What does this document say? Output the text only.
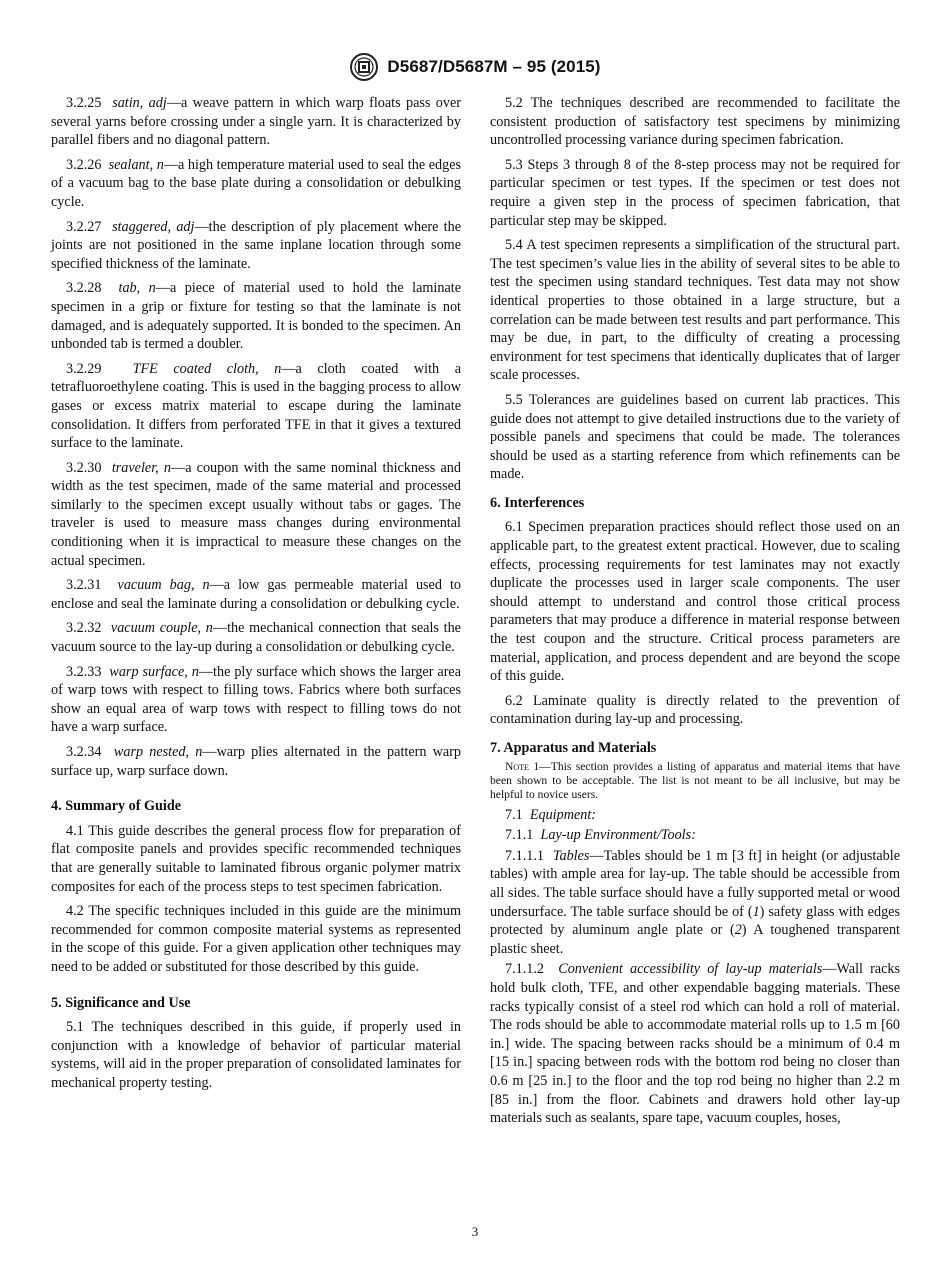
D5687/D5687M – 95 (2015)

3.2.25 satin, adj—a weave pattern in which warp floats pass over several yarns before crossing under a single yarn. It is characterized by parallel fibers and no diagonal pattern.

3.2.26 sealant, n—a high temperature material used to seal the edges of a vacuum bag to the base plate during a consolidation or debulking cycle.

3.2.27 staggered, adj—the description of ply placement where the joints are not positioned in the same inplane location through some specified thickness of the laminate.

3.2.28 tab, n—a piece of material used to hold the laminate specimen in a grip or fixture for testing so that the laminate is not damaged, and is adequately supported. It is bonded to the specimen. An unbonded tab is termed a doubler.

3.2.29 TFE coated cloth, n—a cloth coated with a tetrafluoroethylene coating. This is used in the bagging process to allow gases or excess matrix material to escape during the laminate consolidation. It differs from perforated TFE in that it gives a textured surface to the laminate.

3.2.30 traveler, n—a coupon with the same nominal thickness and width as the test specimen, made of the same material and processed similarly to the specimen except usually without tabs or gages. The traveler is used to measure mass changes during environmental conditioning when it is impractical to measure these changes on the actual specimen.

3.2.31 vacuum bag, n—a low gas permeable material used to enclose and seal the laminate during a consolidation or debulking cycle.

3.2.32 vacuum couple, n—the mechanical connection that seals the vacuum source to the lay-up during a consolidation or debulking cycle.

3.2.33 warp surface, n—the ply surface which shows the larger area of warp tows with respect to filling tows. Fabrics where both surfaces show an equal area of warp tows with respect to filling tows do not have a warp surface.

3.2.34 warp nested, n—warp plies alternated in the pattern warp surface up, warp surface down.

4. Summary of Guide

4.1 This guide describes the general process flow for preparation of flat composite panels and provides specific recommended techniques that are generally suitable to laminated fibrous organic polymer matrix composites for each of the process steps to test specimen fabrication.

4.2 The specific techniques included in this guide are the minimum recommended for common composite material systems as represented in the scope of this guide. For a given application other techniques may need to be added or substituted for those described by this guide.

5. Significance and Use

5.1 The techniques described in this guide, if properly used in conjunction with a knowledge of behavior of particular material systems, will aid in the proper preparation of consolidated laminates for mechanical property testing.

5.2 The techniques described are recommended to facilitate the consistent production of satisfactory test specimens by minimizing uncontrolled processing variance during specimen fabrication.

5.3 Steps 3 through 8 of the 8-step process may not be required for particular specimen or test types. If the specimen or test does not require a given step in the process of specimen fabrication, that particular step may be skipped.

5.4 A test specimen represents a simplification of the structural part. The test specimen’s value lies in the ability of several sites to be able to test the specimen using standard techniques. Test data may not show identical properties to those obtained in a large structure, but a correlation can be made between test results and part performance. This may be due, in part, to the difficulty of creating a processing environment for test specimens that identically duplicates that of larger scale processes.

5.5 Tolerances are guidelines based on current lab practices. This guide does not attempt to give detailed instructions due to the variety of possible panels and specimens that could be made. The tolerances should be used as a starting reference from which refinements can be made.

6. Interferences

6.1 Specimen preparation practices should reflect those used on an applicable part, to the greatest extent practical. However, due to scaling effects, processing requirements for test laminates may not exactly duplicate the processes used in larger scale components. The user should attempt to understand and control those critical process parameters that may produce a difference in material response between the test coupon and the structure. Critical process parameters are material, application, and process dependent and are beyond the scope of this guide.

6.2 Laminate quality is directly related to the prevention of contamination during lay-up and processing.

7. Apparatus and Materials
Note 1—This section provides a listing of apparatus and material items that have been shown to be acceptable. The list is not meant to be all inclusive, but may be helpful to novice users.

7.1 Equipment:

7.1.1 Lay-up Environment/Tools:

7.1.1.1 Tables—Tables should be 1 m [3 ft] in height (or adjustable tables) with ample area for lay-up. The table should be accessible from all sides. The table surface should have a fully supported metal or wood undersurface. The table surface should be of (1) safety glass with edges protected by aluminum angle plate or (2) A toughened transparent plastic sheet.

7.1.1.2 Convenient accessibility of lay-up materials—Wall racks hold bulk cloth, TFE, and other expendable bagging materials. These racks typically consist of a steel rod which can hold a roll of material. The rods should be able to accommodate material rolls up to 1.5 m [60 in.] wide. The spacing between racks should be a minimum of 0.4 m [15 in.] spacing between rods with the bottom rod being no closer than 0.6 m [25 in.] to the floor and the top rod being no higher than 2.2 m [85 in.] from the floor. Cabinets and drawers hold other lay-up materials such as sealants, spare tape, vacuum couples, hoses,

3
